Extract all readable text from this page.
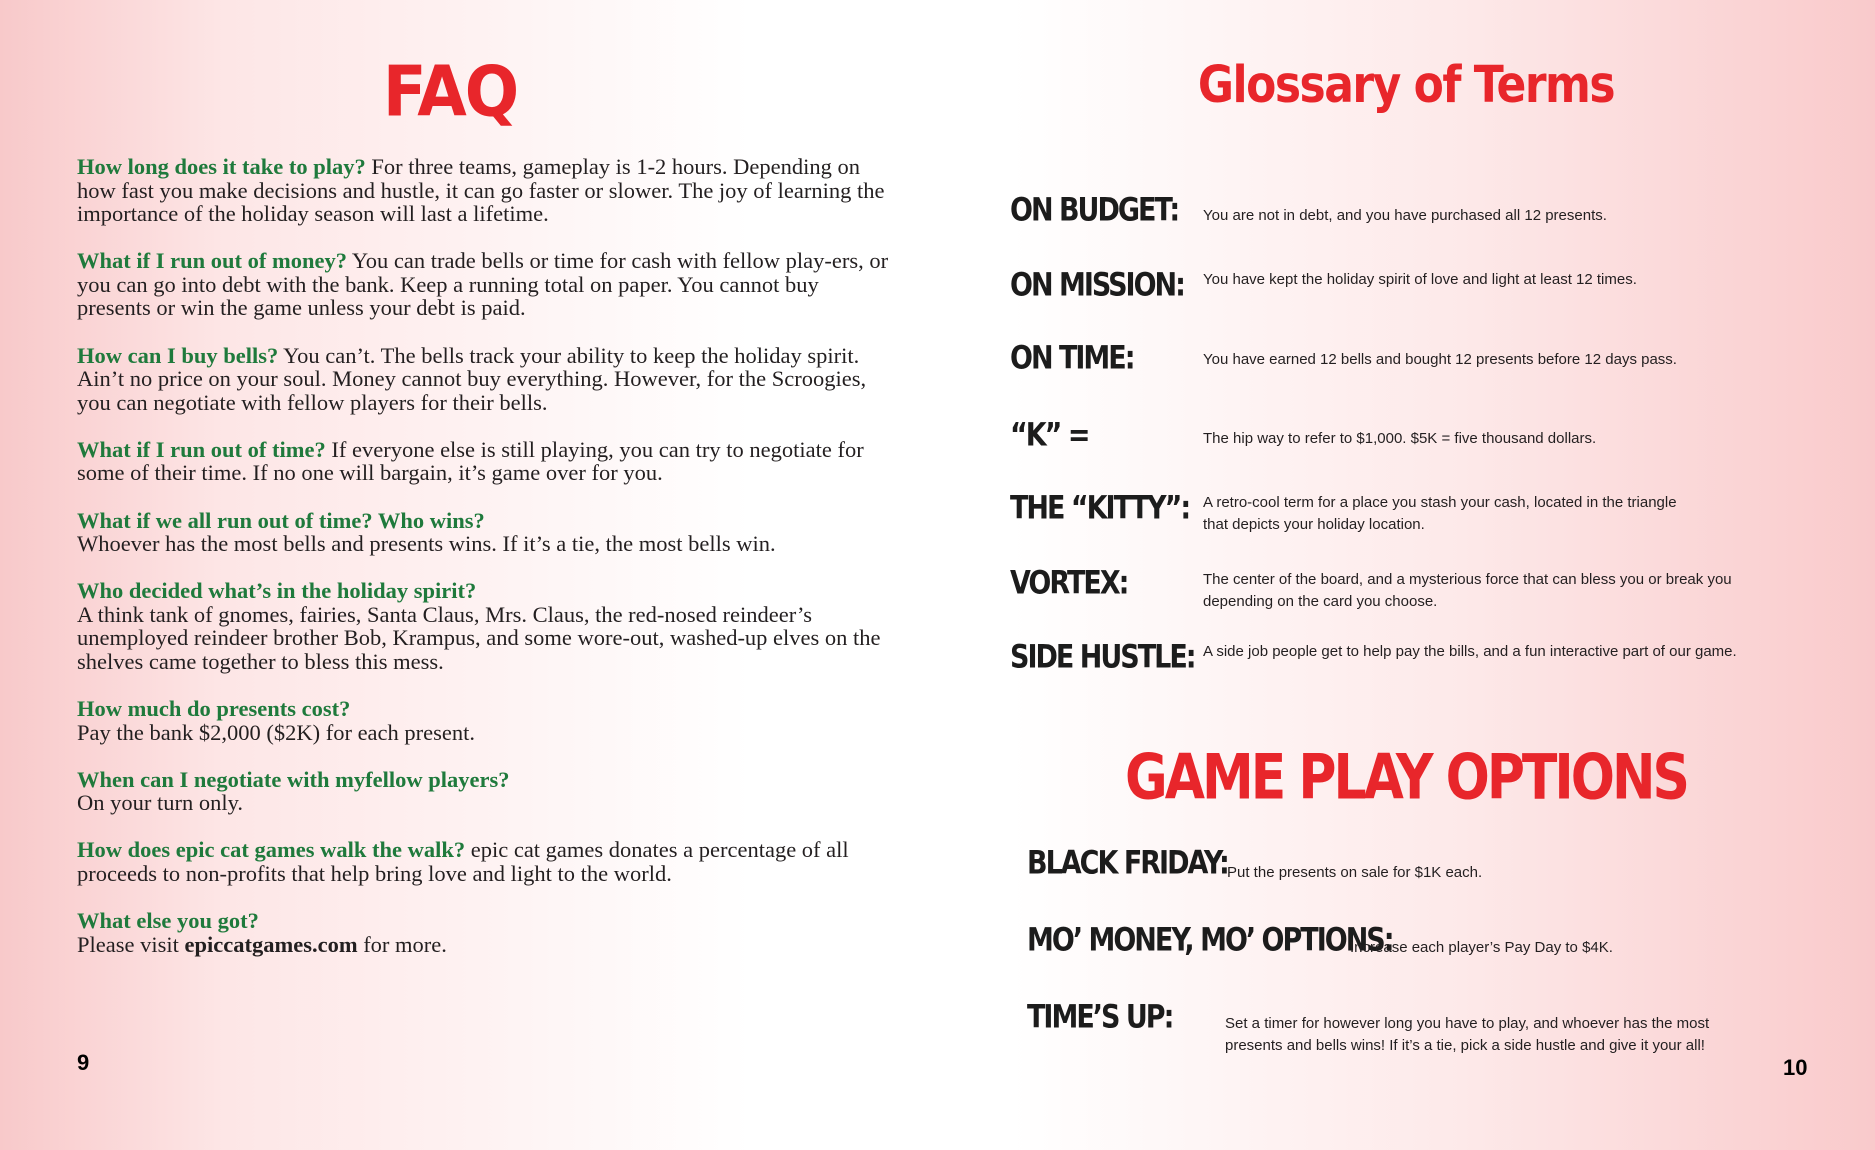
FAQ
How long does it take to play? For three teams, gameplay is 1-2 hours. Depending on how fast you make decisions and hustle, it can go faster or slower. The joy of learning the importance of the holiday season will last a lifetime.
What if I run out of money? You can trade bells or time for cash with fellow play-ers, or you can go into debt with the bank. Keep a running total on paper. You cannot buy presents or win the game unless your debt is paid.
How can I buy bells? You can’t. The bells track your ability to keep the holiday spirit. Ain’t no price on your soul. Money cannot buy everything. However, for the Scroogies, you can negotiate with fellow players for their bells.
What if I run out of time? If everyone else is still playing, you can try to negotiate for some of their time. If no one will bargain, it’s game over for you.
What if we all run out of time? Who wins?
Whoever has the most bells and presents wins. If it’s a tie, the most bells win.
Who decided what’s in the holiday spirit?
A think tank of gnomes, fairies, Santa Claus, Mrs. Claus, the red-nosed reindeer’s unemployed reindeer brother Bob, Krampus, and some wore-out, washed-up elves on the shelves came together to bless this mess.
How much do presents cost?
Pay the bank $2,000 ($2K) for each present.
When can I negotiate with myfellow players?
On your turn only.
How does epic cat games walk the walk? epic cat games donates a percentage of all proceeds to non-profits that help bring love and light to the world.
What else you got?
Please visit epiccatgames.com for more.
9
Glossary of Terms
ON BUDGET: You are not in debt, and you have purchased all 12 presents.
ON MISSION: You have kept the holiday spirit of love and light at least 12 times.
ON TIME:	You have earned 12 bells and bought 12 presents before 12 days pass.
“K” =	The hip way to refer to $1,000. $5K = five thousand dollars.
THE “KITTY”: A retro-cool term for a place you stash your cash, located in the triangle that depicts your holiday location.
VORTEX:	The center of the board, and a mysterious force that can bless you or break you depending on the card you choose.
SIDE HUSTLE: A side job people get to help pay the bills, and a fun interactive part of our game.
GAME PLAY OPTIONS
BLACK FRIDAY: Put the presents on sale for $1K each.
MO’ MONEY, MO’ OPTIONS:
Increase each player’s Pay Day to $4K.
TIME’S UP:	Set a timer for however long you have to play, and whoever has the most presents and bells wins! If it’s a tie, pick a side hustle and give it your all!
10
